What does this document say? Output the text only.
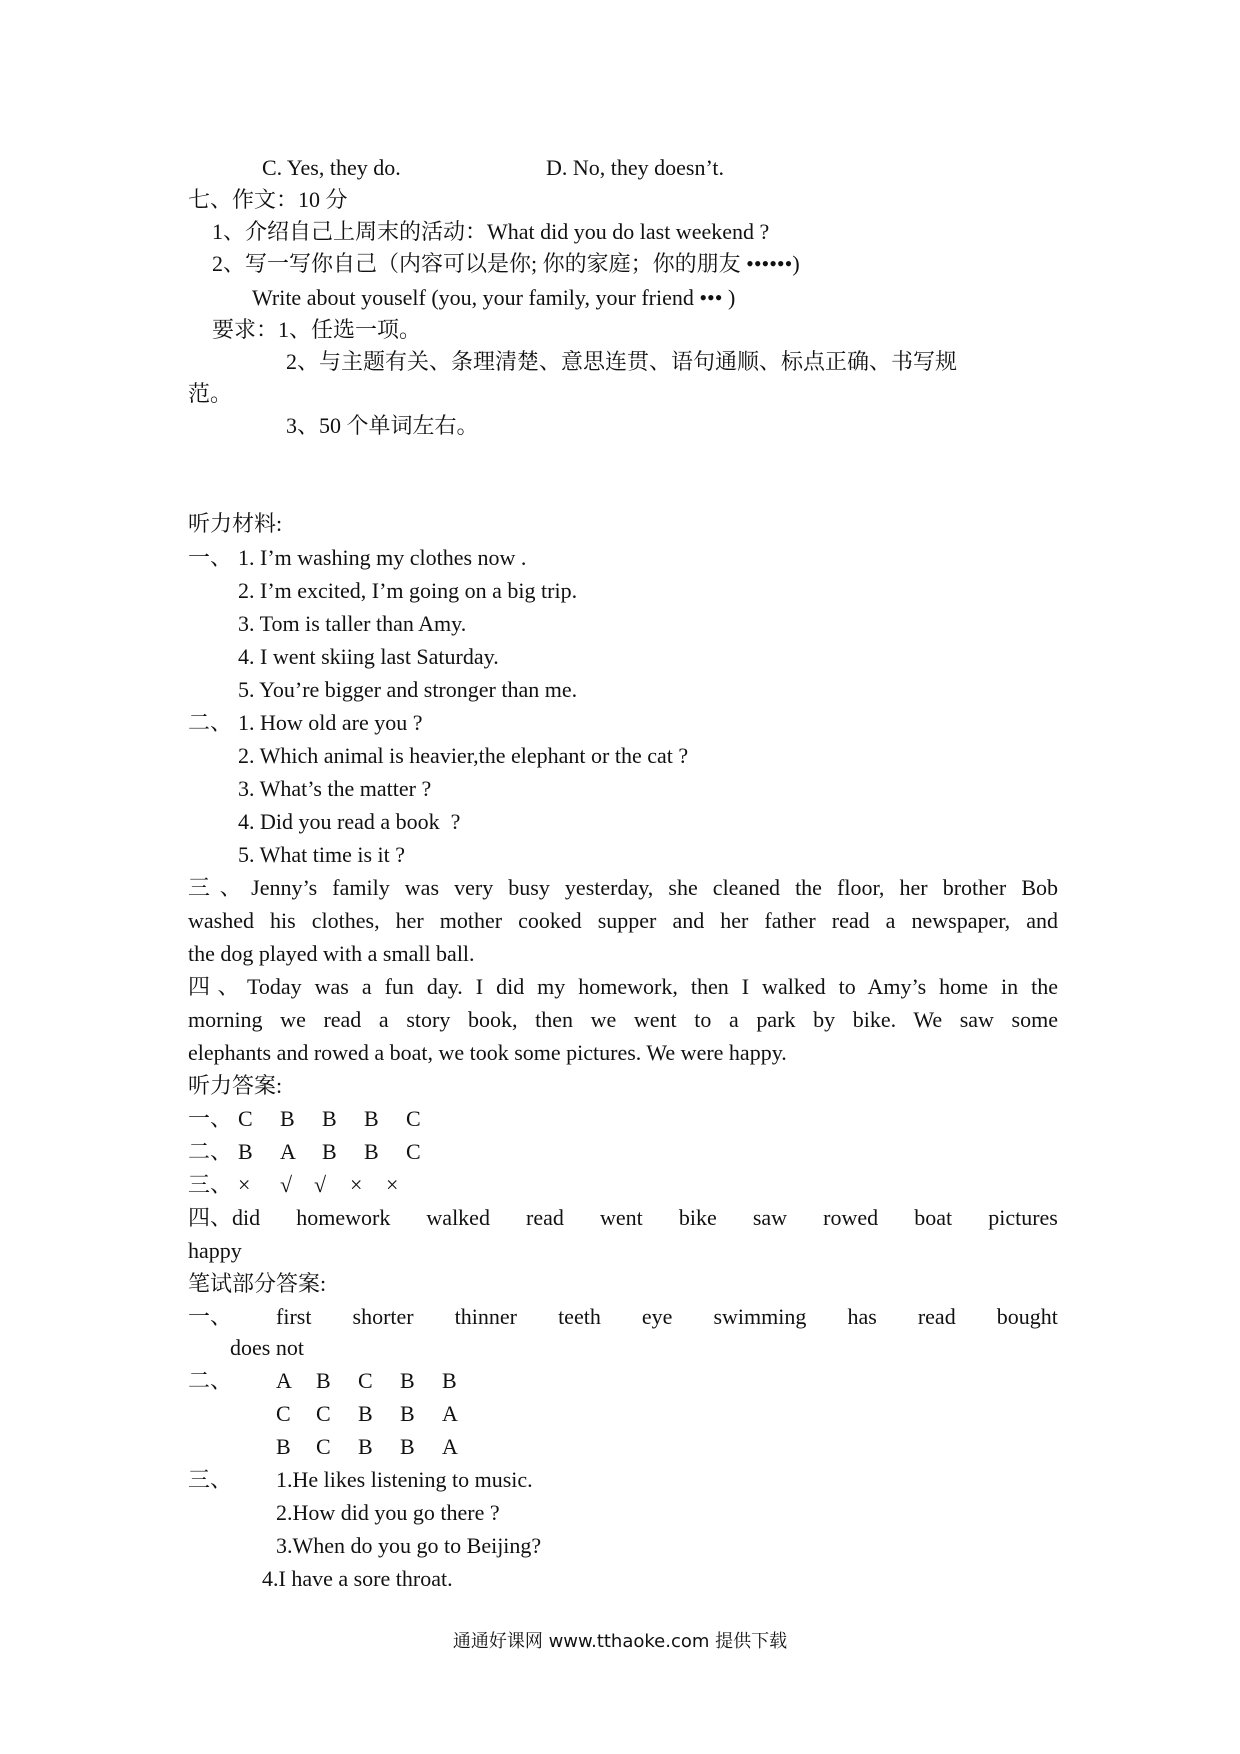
C. Yes, they do.	D. No, they doesn’t.
七、作文：10 分
1、介绍自己上周末的活动：What did you do last weekend ?
2、写一写你自己（内容可以是你; 你的家庭；你的朋友 ••••••)
Write about youself (you, your family, your friend ••• )
要求：1、任选一项。
2、与主题有关、条理清楚、意思连贯、语句通顺、标点正确、书写规
范。
3、50 个单词左右。
听力材料:
一、 1. I’m washing my clothes now .
2. I’m excited, I’m going on a big trip.
3. Tom is taller than Amy.
4. I went skiing last Saturday.
5. You’re bigger and stronger than me.
二、 1. How old are you ?
2. Which animal is heavier,the elephant or the cat ?
3. What’s the matter ?
4. Did you read a book  ?
5. What time is it ?
三、Jenny’s family was very busy yesterday, she cleaned the floor, her brother Bob
washed his clothes, her mother cooked supper and her father read a newspaper, and
the dog played with a small ball.
四、Today was a fun day. I did my homework, then I walked to Amy’s home in the
morning we read a story book, then we went to a park by bike. We saw some
elephants and rowed a boat, we took some pictures. We were happy.
听力答案:
一、 C	B	B	B	C
二、 B	A	B	B	C
三、 ×	√ √	×	×
四、did homework walked read went bike saw rowed boat pictures
happy
笔试部分答案:
一、 first shorter thinner teeth eye swimming has read bought
does not
二、 A	B	C	B	B
C	C	B	B	A
B	C	B	B	A
三、 1.He likes listening to music.
2.How did you go there ?
3.When do you go to Beijing?
4.I have a sore throat.
通通好课网 www.tthaoke.com 提供下载
